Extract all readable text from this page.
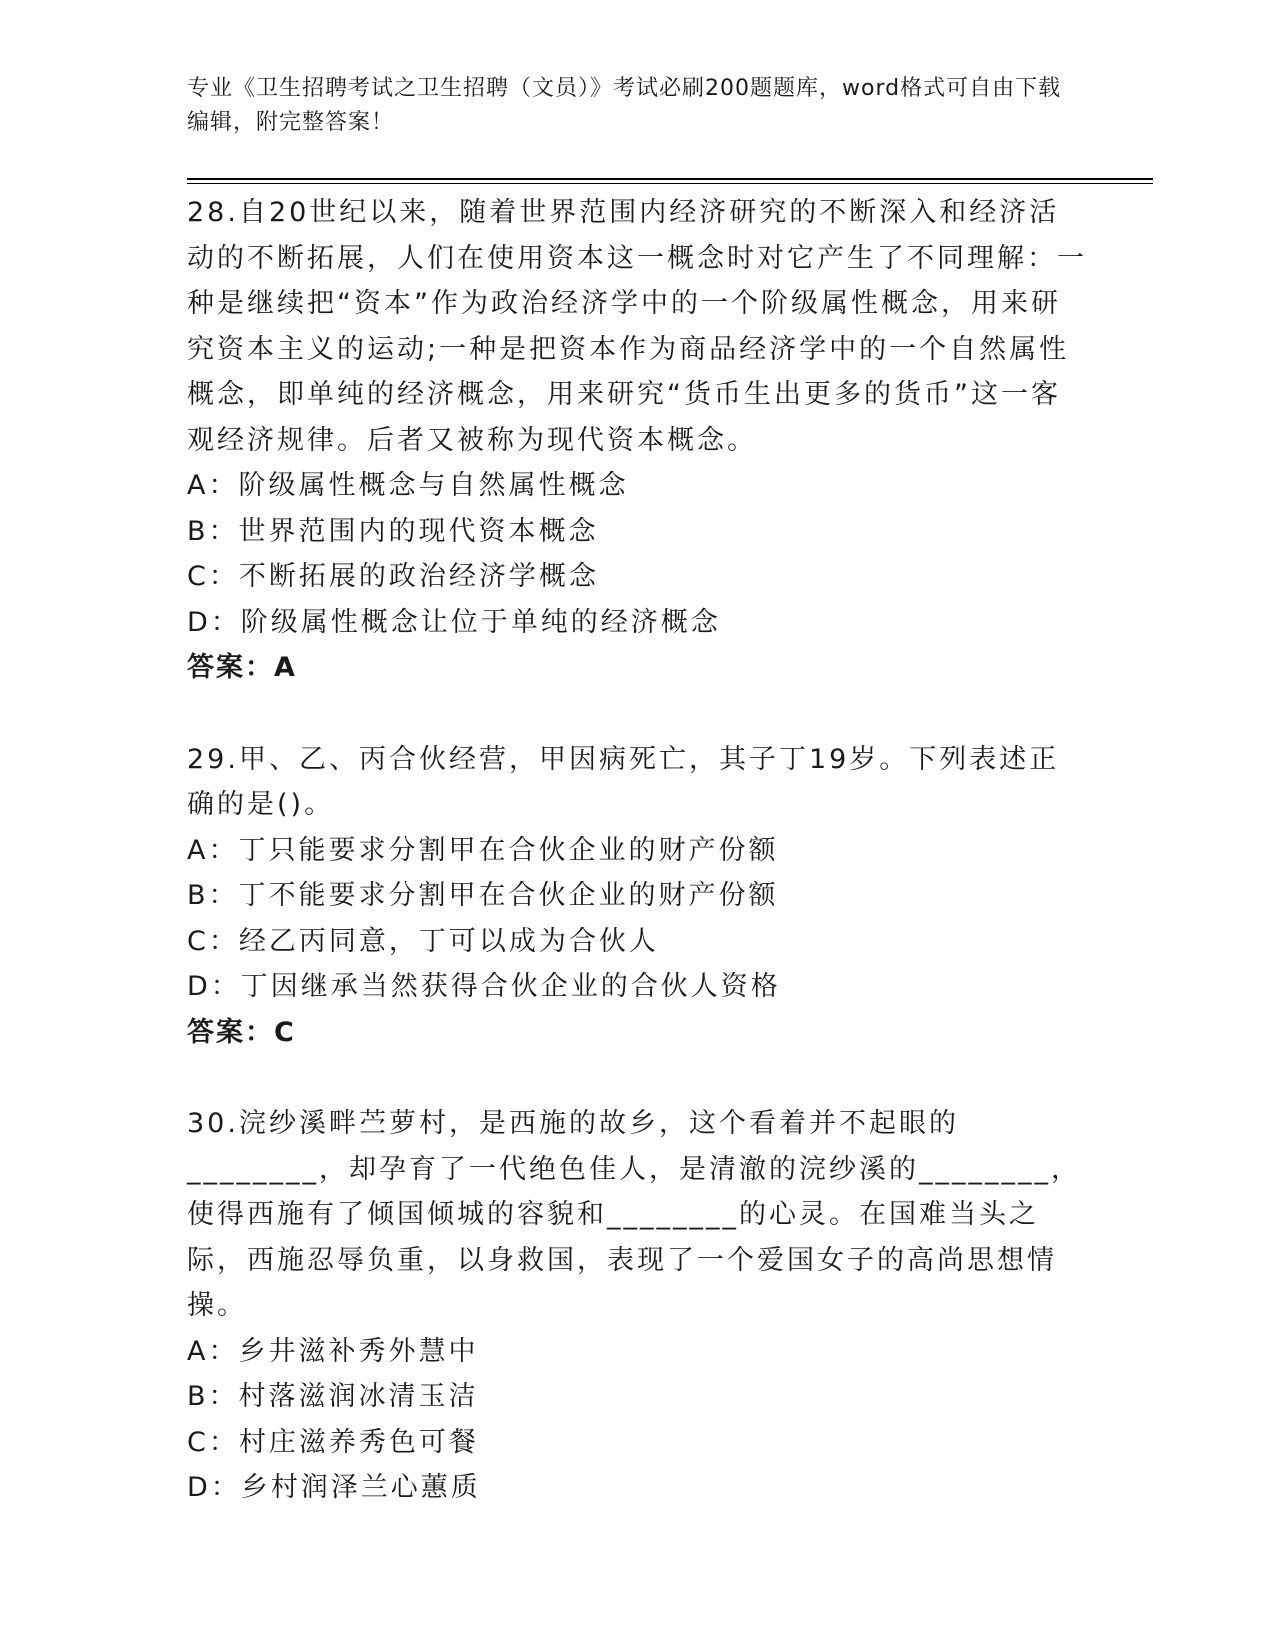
专业《卫生招聘考试之卫生招聘（文员）》考试必刷200题题库，word格式可自由下载编辑，附完整答案！

28.自20世纪以来，随着世界范围内经济研究的不断深入和经济活动的不断拓展，人们在使用资本这一概念时对它产生了不同理解：一种是继续把“资本”作为政治经济学中的一个阶级属性概念，用来研究资本主义的运动;一种是把资本作为商品经济学中的一个自然属性概念，即单纯的经济概念，用来研究“货币生出更多的货币”这一客观经济规律。后者又被称为现代资本概念。

A：阶级属性概念与自然属性概念

B：世界范围内的现代资本概念

C：不断拓展的政治经济学概念

D：阶级属性概念让位于单纯的经济概念

答案：A

29.甲、乙、丙合伙经营，甲因病死亡，其子丁19岁。下列表述正确的是()。

A：丁只能要求分割甲在合伙企业的财产份额

B：丁不能要求分割甲在合伙企业的财产份额

C：经乙丙同意，丁可以成为合伙人

D：丁因继承当然获得合伙企业的合伙人资格

答案：C

30.浣纱溪畔苎萝村，是西施的故乡，这个看着并不起眼的________，却孕育了一代绝色佳人，是清澈的浣纱溪的________，使得西施有了倾国倾城的容貌和________的心灵。在国难当头之际，西施忍辱负重，以身救国，表现了一个爱国女子的高尚思想情操。

A：乡井滋补秀外慧中

B：村落滋润冰清玉洁

C：村庄滋养秀色可餐

D：乡村润泽兰心蕙质
